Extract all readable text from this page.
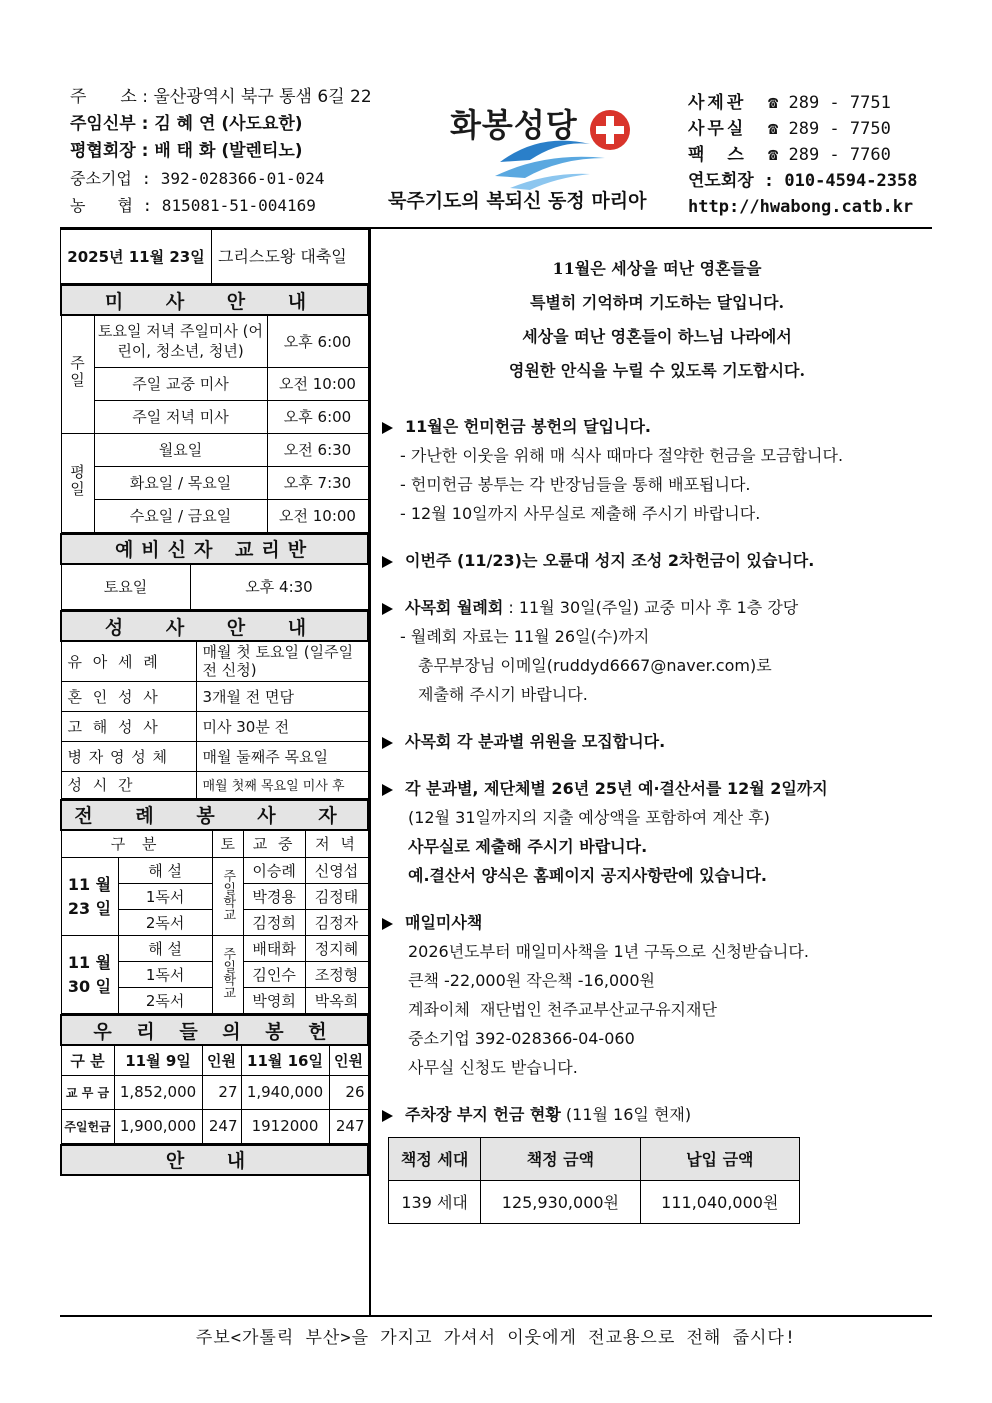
주　　소 : 울산광역시 북구 통샘 6길 22
주임신부 : 김 혜 연 (사도요한)
평협회장 : 배 태 화 (발렌티노)
중소기업 : 392-028366-01-024
농　　협 : 815081-51-004169
화봉성당
묵주기도의 복되신 동정 마리아
사제관 ☎ 289 - 7751
사무실 ☎ 289 - 7750
팩　스 ☎ 289 - 7760
연도회장 : 010-4594-2358
http://hwabong.catb.kr
2025년 11월 23일	그리스도왕 대축일
미 사 안 내		
주일	토요일 저녁 주일미사 (어린이, 청소년, 청년)	오후 6:00
	주일 교중 미사	오전 10:00
	주일 저녁 미사	오후 6:00
평일	월요일	오전 6:30
	화요일 / 목요일	오후 7:30
	수요일 / 금요일	오전 10:00
예비신자 교리반
토요일	오후 4:30
성 사 안 내	
유 아 세 례	매월 첫 토요일 (일주일 전 신청)
혼 인 성 사	3개월 전 면담
고 해 성 사	미사 30분 전
병 자 영 성 체	매월 둘째주 목요일
성 시 간	매월 첫째 목요일 미사 후
전 례 봉 사 자				
구 분		토	교 중	저 녁
11 월 23 일	해 설	주일학교	이승례	신영섭
	1독서		박경용	김정태
	2독서		김정희	김정자
11 월 30 일	해 설	주일학교	배태화	정지혜
	1독서		김인수	조정형
	2독서		박영희	박옥희
우 리 들 의 봉 헌				
구 분	11월 9일	인원	11월 16일	인원
교 무 금	1,852,000	27	1,940,000	26
주일헌금	1,900,000	247	1912000	247
안 내
11월은 세상을 떠난 영혼들을
특별히 기억하며 기도하는 달입니다.
세상을 떠난 영혼들이 하느님 나라에서
영원한 안식을 누릴 수 있도록 기도합시다.
11월은 헌미헌금 봉헌의 달입니다.
- 가난한 이웃을 위해 매 식사 때마다 절약한 헌금을 모금합니다.
- 헌미헌금 봉투는 각 반장님들을 통해 배포됩니다.
- 12월 10일까지 사무실로 제출해 주시기 바랍니다.
이번주 (11/23)는 오륜대 성지 조성 2차헌금이 있습니다.
사목회 월례회 : 11월 30일(주일) 교중 미사 후 1층 강당
- 월례회 자료는 11월 26일(수)까지
총무부장님 이메일(ruddyd6667@naver.com)로
제출해 주시기 바랍니다.
사목회 각 분과별 위원을 모집합니다.
각 분과별, 제단체별 26년 25년 예·결산서를 12월 2일까지
(12월 31일까지의 지출 예상액을 포함하여 계산 후)
사무실로 제출해 주시기 바랍니다.
예.결산서 양식은 홈페이지 공지사항란에 있습니다.
매일미사책
2026년도부터 매일미사책을 1년 구독으로 신청받습니다.
큰책 -22,000원 작은책 -16,000원
계좌이체  재단법인 천주교부산교구유지재단
중소기업 392-028366-04-060
사무실 신청도 받습니다.
주차장 부지 헌금 현황 (11월 16일 현재)
책정 세대	책정 금액	납입 금액
139 세대	125,930,000원	111,040,000원
주보<가톨릭 부산>을 가지고 가셔서 이웃에게 전교용으로 전해 줍시다!
